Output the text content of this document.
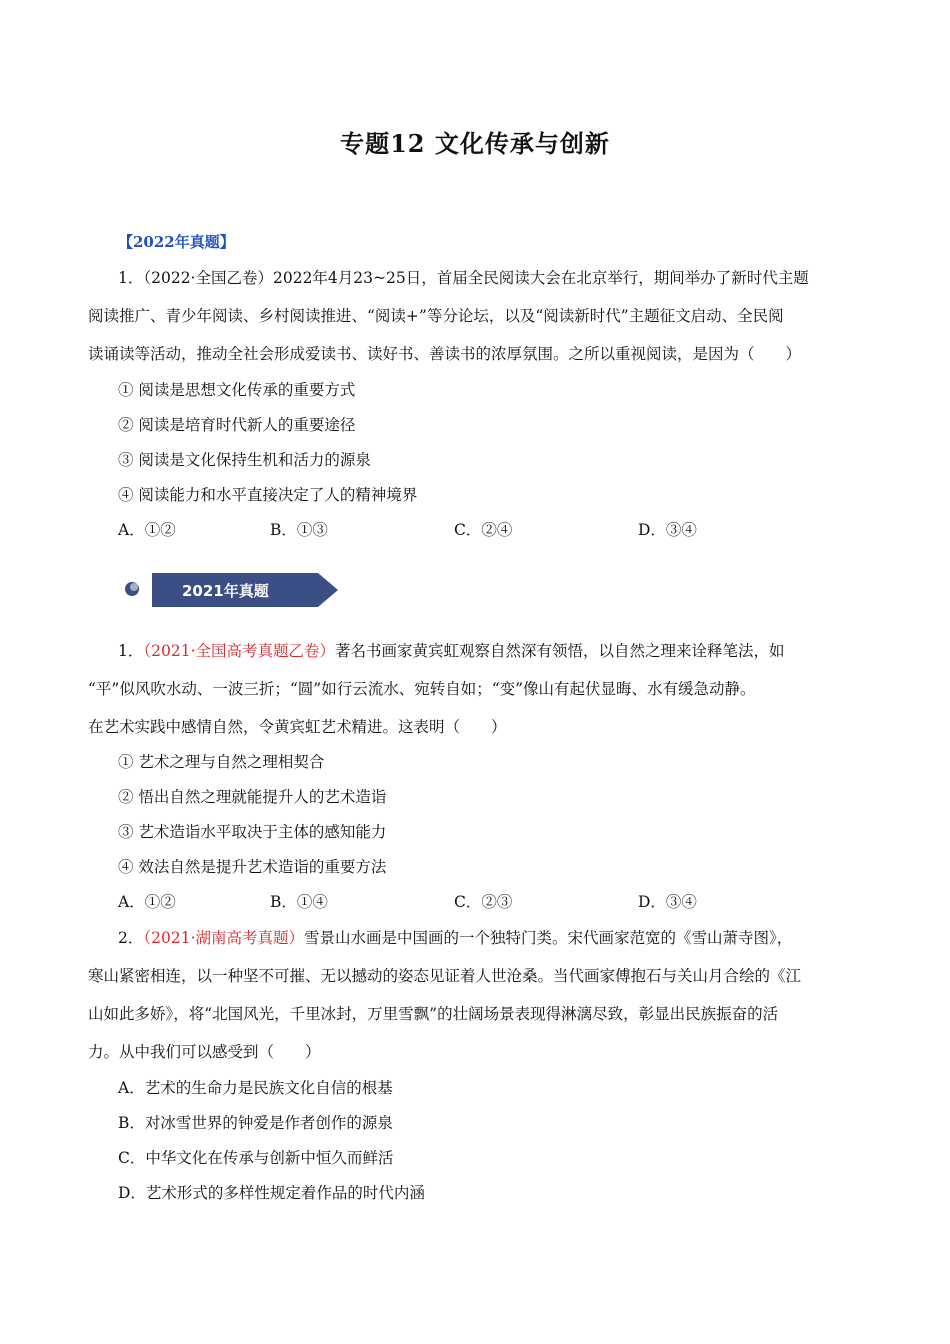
专题12 文化传承与创新
【2022年真题】
1．（2022·全国乙卷）2022年4月23~25日，首届全民阅读大会在北京举行，期间举办了新时代主题
阅读推广、青少年阅读、乡村阅读推进、“阅读+”等分论坛，以及“阅读新时代”主题征文启动、全民阅
读诵读等活动，推动全社会形成爱读书、读好书、善读书的浓厚氛围。之所以重视阅读，是因为（　　）
① 阅读是思想文化传承的重要方式
② 阅读是培育时代新人的重要途径
③ 阅读是文化保持生机和活力的源泉
④ 阅读能力和水平直接决定了人的精神境界
A．①②	B．①③	C．②④	D．③④
2021年真题
1．（2021·全国高考真题乙卷）著名书画家黄宾虹观察自然深有领悟，以自然之理来诠释笔法，如
“平”似风吹水动、一波三折；“圆”如行云流水、宛转自如；“变”像山有起伏显晦、水有缓急动静。
在艺术实践中感情自然，令黄宾虹艺术精进。这表明（　　）
① 艺术之理与自然之理相契合
② 悟出自然之理就能提升人的艺术造诣
③ 艺术造诣水平取决于主体的感知能力
④ 效法自然是提升艺术造诣的重要方法
A．①②	B．①④	C．②③	D．③④
2．（2021·湖南高考真题）雪景山水画是中国画的一个独特门类。宋代画家范宽的《雪山萧寺图》，
寒山紧密相连，以一种坚不可摧、无以撼动的姿态见证着人世沧桑。当代画家傅抱石与关山月合绘的《江
山如此多娇》，将“北国风光，千里冰封，万里雪飘”的壮阔场景表现得淋漓尽致，彰显出民族振奋的活
力。从中我们可以感受到（　　）
A．艺术的生命力是民族文化自信的根基
B．对冰雪世界的钟爱是作者创作的源泉
C．中华文化在传承与创新中恒久而鲜活
D．艺术形式的多样性规定着作品的时代内涵
